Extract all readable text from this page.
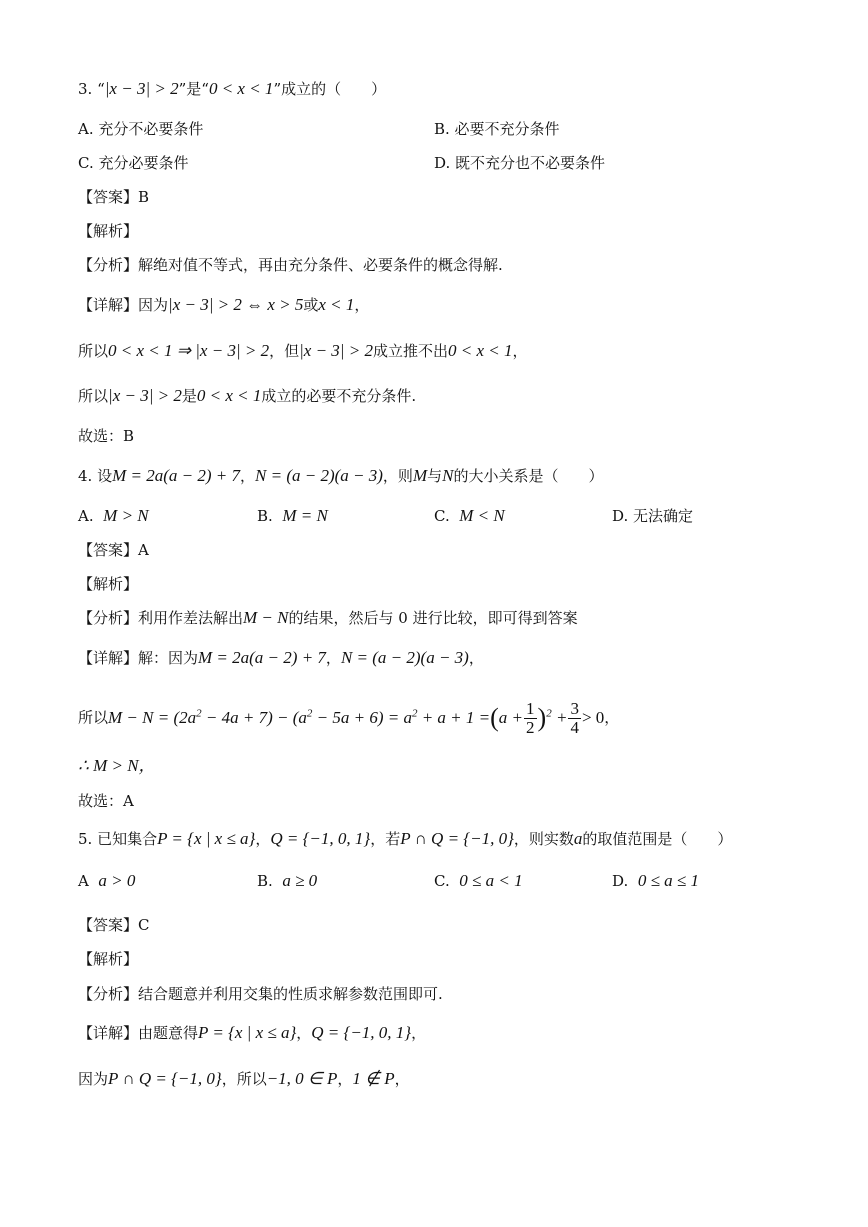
3. “|x − 3| > 2”是“0 < x < 1”成立的（　　）
A. 充分不必要条件	B. 必要不充分条件
C. 充分必要条件	D. 既不充分也不必要条件
【答案】B
【解析】
【分析】解绝对值不等式，再由充分条件、必要条件的概念得解.
【详解】因为|x − 3| > 2 ⇔ x > 5或x < 1，
所以0 < x < 1 ⇒ |x − 3| > 2，但|x − 3| > 2成立推不出0 < x < 1，
所以|x − 3| > 2是0 < x < 1成立的必要不充分条件.
故选：B
4. 设M = 2a(a − 2) + 7，N = (a − 2)(a − 3)，则M与N的大小关系是（　　）
A. M > N	B. M = N	C. M < N	D. 无法确定
【答案】A
【解析】
【分析】利用作差法解出M − N的结果，然后与 0 进行比较，即可得到答案
【详解】解：因为M = 2a(a − 2) + 7，N = (a − 2)(a − 3)，
所以$M - N = (2a^2 - 4a + 7) - (a^2 - 5a + 6) = a^2 + a + 1 =(a + \frac{1}{2} )^2 + \frac{3}{4} > 0$，
∴ M > N，
故选：A
5. 已知集合P = {x | x ≤ a}，Q = {−1, 0, 1}，若P ∩ Q = {−1, 0}，则实数a的取值范围是（　　）
A a > 0	B. a ≥ 0	C. 0 ≤ a < 1	D. 0 ≤ a ≤ 1
【答案】C
【解析】
【分析】结合题意并利用交集的性质求解参数范围即可.
【详解】由题意得P = {x | x ≤ a}，Q = {−1, 0, 1}，
因为P ∩ Q = {−1, 0}，所以−1, 0 ∈ P，1 ∉ P，
